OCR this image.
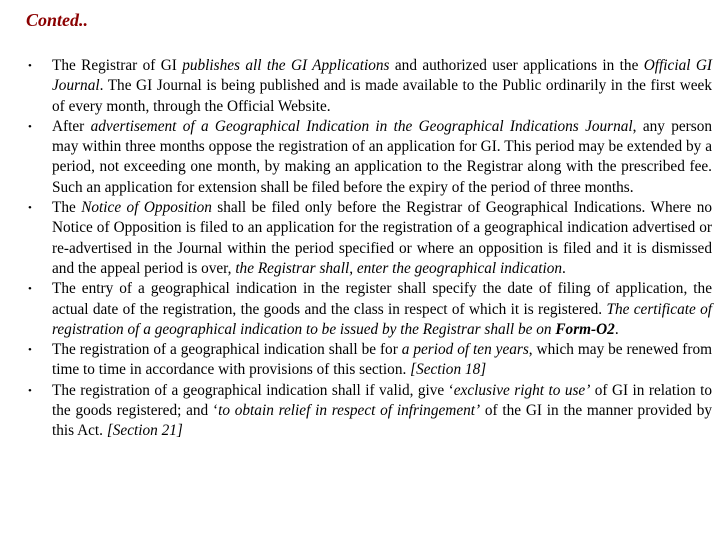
Conted..
• The Registrar of GI publishes all the GI Applications and authorized user applications in the Official GI Journal. The GI Journal is being published and is made available to the Public ordinarily in the first week of every month, through the Official Website.
• After advertisement of a Geographical Indication in the Geographical Indications Journal, any person may within three months oppose the registration of an application for GI. This period may be extended by a period, not exceeding one month, by making an application to the Registrar along with the prescribed fee. Such an application for extension shall be filed before the expiry of the period of three months.
• The Notice of Opposition shall be filed only before the Registrar of Geographical Indications. Where no Notice of Opposition is filed to an application for the registration of a geographical indication advertised or re-advertised in the Journal within the period specified or where an opposition is filed and it is dismissed and the appeal period is over, the Registrar shall, enter the geographical indication.
• The entry of a geographical indication in the register shall specify the date of filing of application, the actual date of the registration, the goods and the class in respect of which it is registered. The certificate of registration of a geographical indication to be issued by the Registrar shall be on Form-O2.
• The registration of a geographical indication shall be for a period of ten years, which may be renewed from time to time in accordance with provisions of this section. [Section 18]
• The registration of a geographical indication shall if valid, give ‘exclusive right to use’ of GI in relation to the goods registered; and ‘to obtain relief in respect of infringement’ of the GI in the manner provided by this Act. [Section 21]
